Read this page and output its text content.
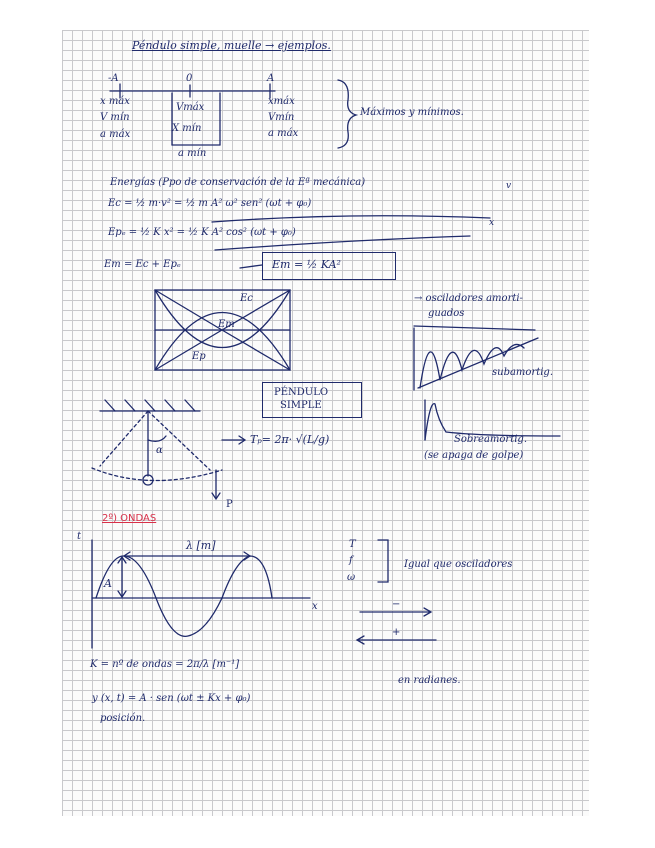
Péndulo simple, muelle → ejemplos.
-A	0	A
x máx
V mín
a máx
Vmáx
X mín
a mín
xmáx
Vmín
a máx
Máximos y mínimos.
Energías (Ppo de conservación de la Eª mecánica)	v
Ec = ½ m·v² = ½ m A² ω² sen² (ωt + φ₀)
x
Epₑ = ½ K x² = ½ K A² cos² (ωt + φ₀)
Em = Ec + Epₑ	Em = ½ KA²
Ec
Em
Ep
→ osciladores amorti-
guados
subamortig.
Sobreamortig.
(se apaga de golpe)
PÉNDULO
SIMPLE
α
P
Tₚ= 2π· √(L/g)
2º) ONDAS
t
x
λ [m]
A
T
f
ω
Igual que osciladores
−
+
K = nº de ondas = 2π/λ [m⁻¹]
en radianes.
y (x, t) = A · sen (ωt ± Kx + φ₀)
posición.
